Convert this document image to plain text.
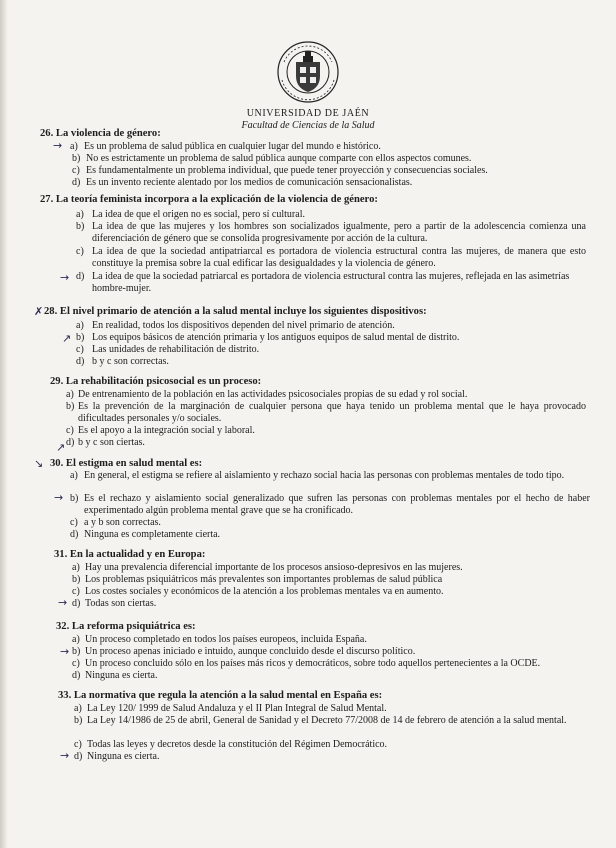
UNIVERSIDAD DE JAÉN
Facultad de Ciencias de la Salud
26. La violencia de género:
a) Es un problema de salud pública en cualquier lugar del mundo e histórico.
b) No es estrictamente un problema de salud pública aunque comparte con ellos aspectos comunes.
c) Es fundamentalmente un problema individual, que puede tener proyección y consecuencias sociales.
d) Es un invento reciente alentado por los medios de comunicación sensacionalistas.
→
27. La teoría feminista incorpora a la explicación de la violencia de género:
a) La idea de que el origen no es social, pero sí cultural.
b) La idea de que las mujeres y los hombres son socializados igualmente, pero a partir de la adolescencia comienza una diferenciación de género que se consolida progresivamente por acción de la cultura.
c) La idea de que la sociedad antipatriarcal es portadora de violencia estructural contra las mujeres, de manera que esto constituye la premisa sobre la cual edificar las desigualdades y la violencia de género.
d) La idea de que la sociedad patriarcal es portadora de violencia estructural contra las mujeres, reflejada en las asimetrías hombre-mujer.
→
28. El nivel primario de atención a la salud mental incluye los siguientes dispositivos:
a) En realidad, todos los dispositivos dependen del nivel primario de atención.
b) Los equipos básicos de atención primaria y los antiguos equipos de salud mental de distrito.
c) Las unidades de rehabilitación de distrito.
d) b y c son correctas.
✗
↗
29. La rehabilitación psicosocial es un proceso:
a) De entrenamiento de la población en las actividades psicosociales propias de su edad y rol social.
b) Es la prevención de la marginación de cualquier persona que haya tenido un problema mental que le haya provocado dificultades personales y/o sociales.
c) Es el apoyo a la integración social y laboral.
d) b y c son ciertas.
↗
30. El estigma en salud mental es:
a) En general, el estigma se refiere al aislamiento y rechazo social hacia las personas con problemas mentales de todo tipo.
b) Es el rechazo y aislamiento social generalizado que sufren las personas con problemas mentales por el hecho de haber experimentado algún problema mental grave que se ha cronificado.
c) a y b son correctas.
d) Ninguna es completamente cierta.
↘
→
31. En la actualidad y en Europa:
a) Hay una prevalencia diferencial importante de los procesos ansioso-depresivos en las mujeres.
b) Los problemas psiquiátricos más prevalentes son importantes problemas de salud pública
c) Los costes sociales y económicos de la atención a los problemas mentales va en aumento.
d) Todas son ciertas.
→
32. La reforma psiquiátrica es:
a) Un proceso completado en todos los países europeos, incluida España.
b) Un proceso apenas iniciado e intuido, aunque concluido desde el discurso político.
c) Un proceso concluido sólo en los países más ricos y democráticos, sobre todo aquellos pertenecientes a la OCDE.
d) Ninguna es cierta.
→
33. La normativa que regula la atención a la salud mental en España es:
a) La Ley 120/ 1999 de Salud Andaluza y el II Plan Integral de Salud Mental.
b) La Ley 14/1986 de 25 de abril, General de Sanidad y el Decreto 77/2008 de 14 de febrero de atención a la salud mental.
c) Todas las leyes y decretos desde la constitución del Régimen Democrático.
d) Ninguna es cierta.
→
